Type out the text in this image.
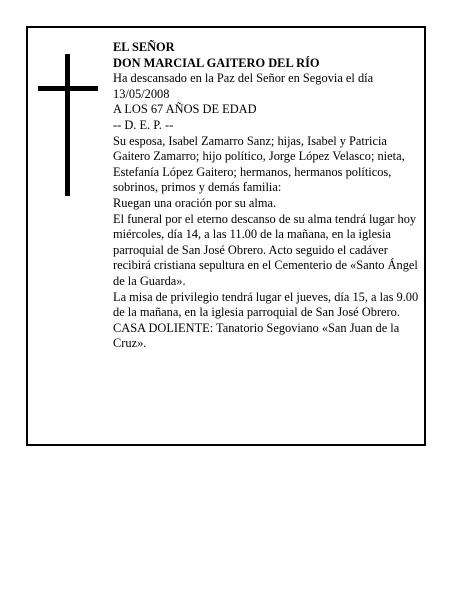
EL SEÑOR

DON MARCIAL GAITERO DEL RÍO

Ha descansado en la Paz del Señor en Segovia el día 13/05/2008

A LOS 67 AÑOS DE EDAD

-- D. E. P. --

Su esposa, Isabel Zamarro Sanz; hijas, Isabel y Patricia Gaitero Zamarro; hijo político, Jorge López Velasco; nieta, Estefanía López Gaitero; hermanos, hermanos políticos, sobrinos, primos y demás familia:

Ruegan una oración por su alma.

El funeral por el eterno descanso de su alma tendrá lugar hoy miércoles, día 14, a las 11.00 de la mañana, en la iglesia parroquial de San José Obrero. Acto seguido el cadáver recibirá cristiana sepultura en el Cementerio de «Santo Ángel de la Guarda».

La misa de privilegio tendrá lugar el jueves, día 15, a las 9.00 de la mañana, en la iglesia parroquial de San José Obrero.

CASA DOLIENTE: Tanatorio Segoviano «San Juan de la Cruz».
